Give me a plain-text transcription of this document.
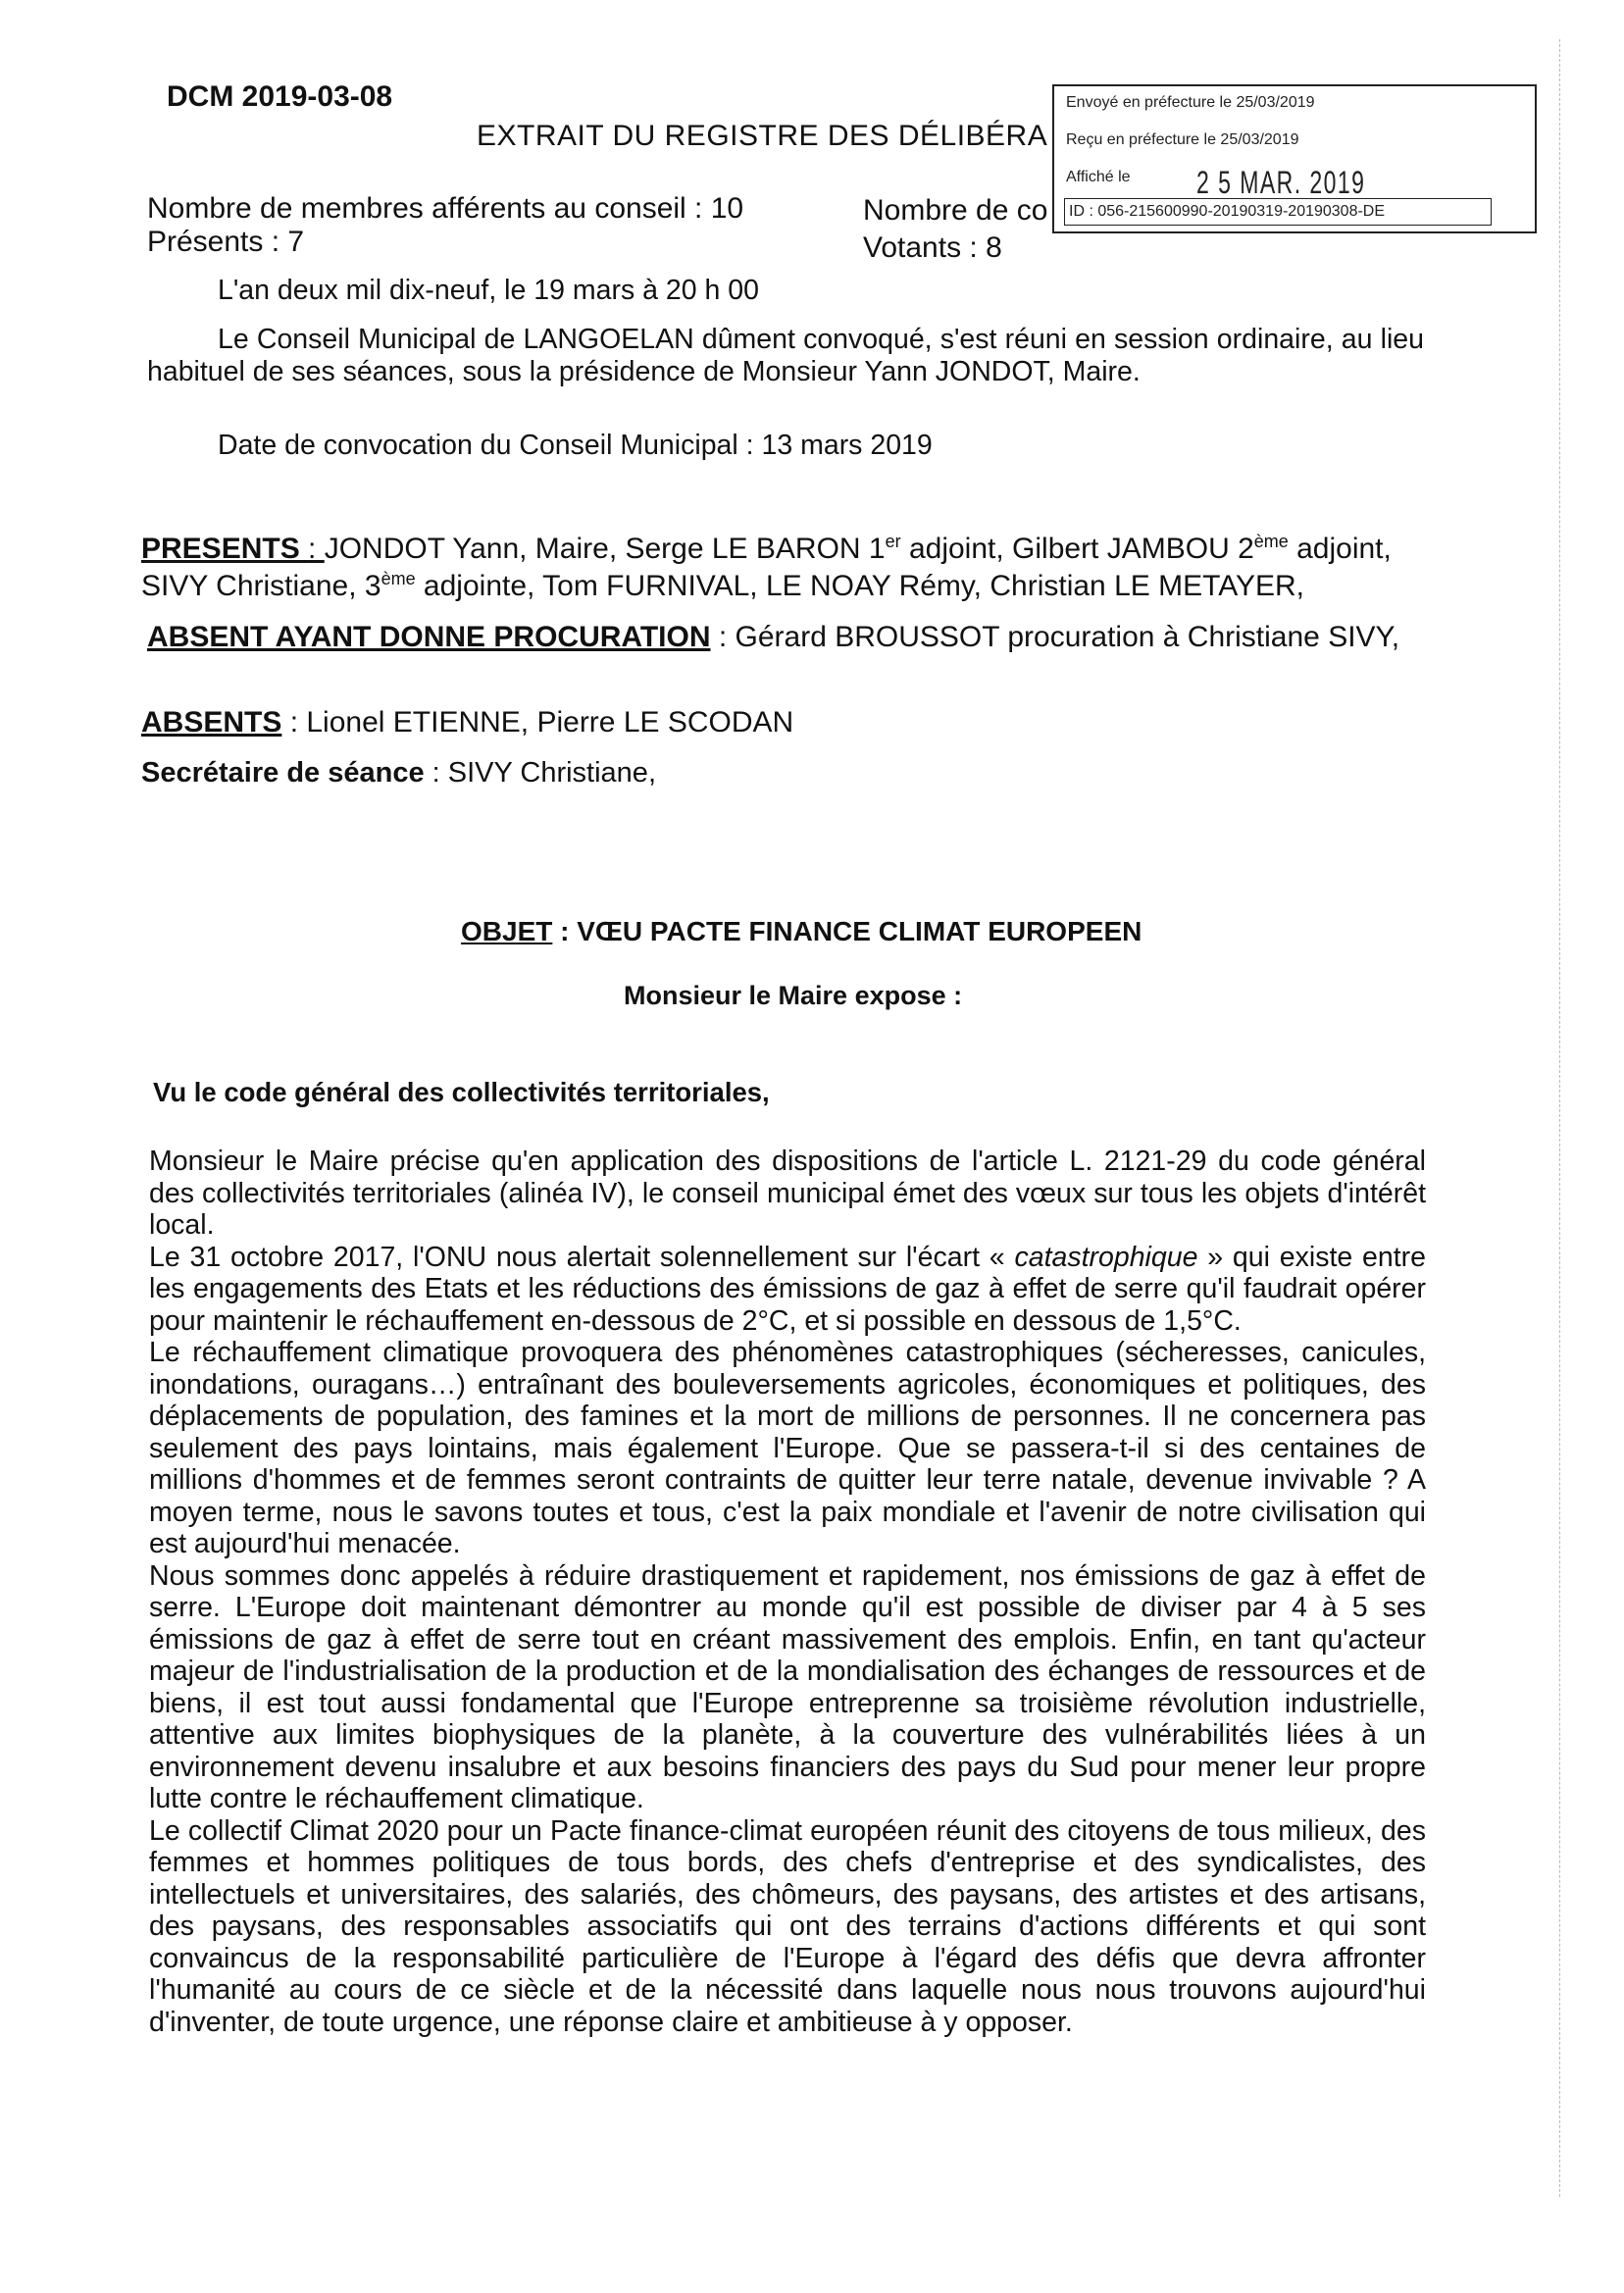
DCM 2019-03-08
EXTRAIT DU REGISTRE DES DÉLIBÉRA
Envoyé en préfecture le 25/03/2019
Reçu en préfecture le 25/03/2019
Affiché le 2 5 MAR. 2019
ID : 056-215600990-20190319-20190308-DE
Nombre de membres afférents au conseil : 10	Nombre de co
Présents : 7	Votants : 8
L'an deux mil dix-neuf, le 19 mars à 20 h 00
Le Conseil Municipal de LANGOELAN dûment convoqué, s'est réuni en session ordinaire, au lieu habituel de ses séances, sous la présidence de Monsieur Yann JONDOT, Maire.
Date de convocation du Conseil Municipal : 13 mars 2019
PRESENTS : JONDOT Yann, Maire, Serge LE BARON 1er adjoint, Gilbert JAMBOU 2ème adjoint,
SIVY Christiane, 3ème adjointe, Tom FURNIVAL, LE NOAY Rémy, Christian LE METAYER,
ABSENT AYANT DONNE PROCURATION : Gérard BROUSSOT procuration à Christiane SIVY,
ABSENTS : Lionel ETIENNE, Pierre LE SCODAN
Secrétaire de séance : SIVY Christiane,
OBJET : VŒU PACTE FINANCE CLIMAT EUROPEEN
Monsieur le Maire expose :
Vu le code général des collectivités territoriales,

Monsieur le Maire précise qu'en application des dispositions de l'article L. 2121-29 du code général des collectivités territoriales (alinéa IV), le conseil municipal émet des vœux sur tous les objets d'intérêt local.

Le 31 octobre 2017, l'ONU nous alertait solennellement sur l'écart « catastrophique » qui existe entre les engagements des Etats et les réductions des émissions de gaz à effet de serre qu'il faudrait opérer pour maintenir le réchauffement en-dessous de 2°C, et si possible en dessous de 1,5°C.

Le réchauffement climatique provoquera des phénomènes catastrophiques (sécheresses, canicules, inondations, ouragans…) entraînant des bouleversements agricoles, économiques et politiques, des déplacements de population, des famines et la mort de millions de personnes. Il ne concernera pas seulement des pays lointains, mais également l'Europe. Que se passera-t-il si des centaines de millions d'hommes et de femmes seront contraints de quitter leur terre natale, devenue invivable ? A moyen terme, nous le savons toutes et tous, c'est la paix mondiale et l'avenir de notre civilisation qui est aujourd'hui menacée.

Nous sommes donc appelés à réduire drastiquement et rapidement, nos émissions de gaz à effet de serre. L'Europe doit maintenant démontrer au monde qu'il est possible de diviser par 4 à 5 ses émissions de gaz à effet de serre tout en créant massivement des emplois. Enfin, en tant qu'acteur majeur de l'industrialisation de la production et de la mondialisation des échanges de ressources et de biens, il est tout aussi fondamental que l'Europe entreprenne sa troisième révolution industrielle, attentive aux limites biophysiques de la planète, à la couverture des vulnérabilités liées à un environnement devenu insalubre et aux besoins financiers des pays du Sud pour mener leur propre lutte contre le réchauffement climatique.

Le collectif Climat 2020 pour un Pacte finance-climat européen réunit des citoyens de tous milieux, des femmes et hommes politiques de tous bords, des chefs d'entreprise et des syndicalistes, des intellectuels et universitaires, des salariés, des chômeurs, des paysans, des artistes et des artisans, des paysans, des responsables associatifs qui ont des terrains d'actions différents et qui sont convaincus de la responsabilité particulière de l'Europe à l'égard des défis que devra affronter l'humanité au cours de ce siècle et de la nécessité dans laquelle nous nous trouvons aujourd'hui d'inventer, de toute urgence, une réponse claire et ambitieuse à y opposer.
